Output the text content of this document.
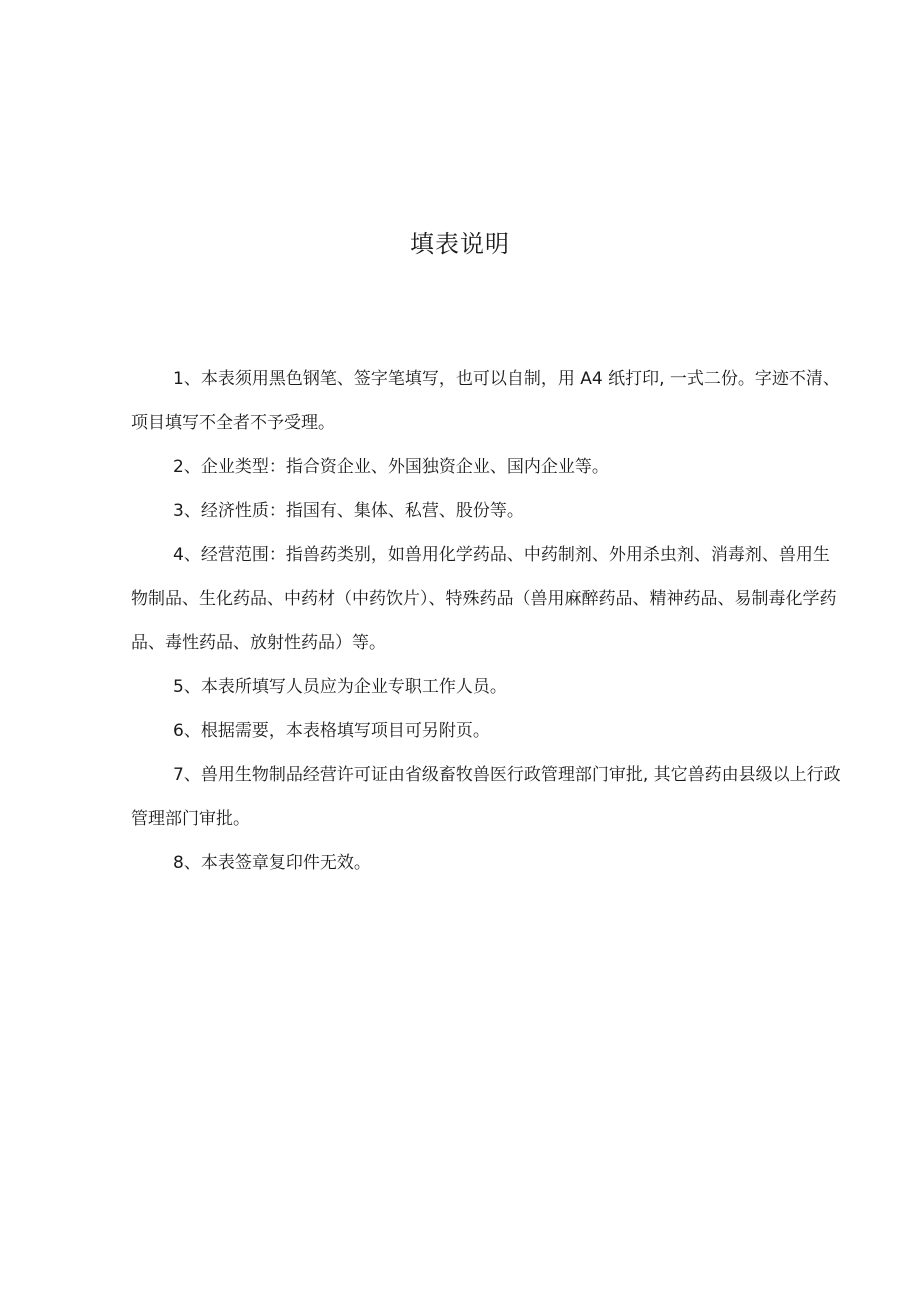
填表说明

1、本表须用黑色钢笔、签字笔填写，也可以自制，用 A4 纸打印, 一式二份。字迹不清、项目填写不全者不予受理。

2、企业类型：指合资企业、外国独资企业、国内企业等。

3、经济性质：指国有、集体、私营、股份等。

4、经营范围：指兽药类别，如兽用化学药品、中药制剂、外用杀虫剂、消毒剂、兽用生物制品、生化药品、中药材（中药饮片）、特殊药品（兽用麻醉药品、精神药品、易制毒化学药品、毒性药品、放射性药品）等。

5、本表所填写人员应为企业专职工作人员。

6、根据需要，本表格填写项目可另附页。

7、兽用生物制品经营许可证由省级畜牧兽医行政管理部门审批, 其它兽药由县级以上行政管理部门审批。

8、本表签章复印件无效。
